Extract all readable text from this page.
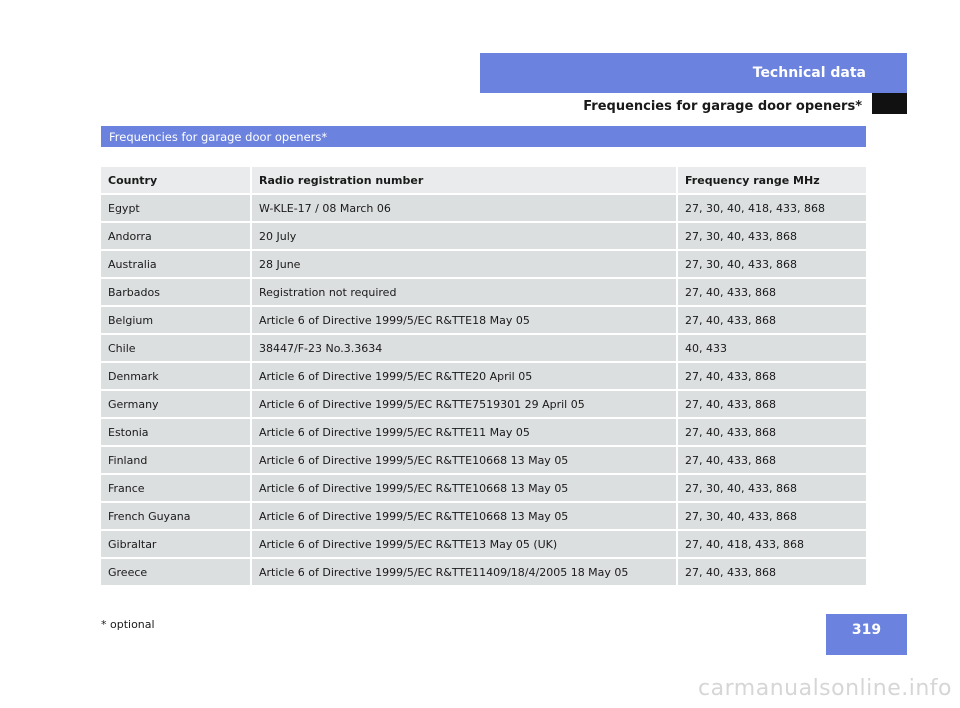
Technical data
Frequencies for garage door openers*
Frequencies for garage door openers*
Country	Radio registration number	Frequency range MHz
Egypt	W-KLE-17 / 08 March 06	27, 30, 40, 418, 433, 868
Andorra	20 July	27, 30, 40, 433, 868
Australia	28 June	27, 30, 40, 433, 868
Barbados	Registration not required	27, 40, 433, 868
Belgium	Article 6 of Directive 1999/5/EC R&TTE18 May 05	27, 40, 433, 868
Chile	38447/F-23 No.3.3634	40, 433
Denmark	Article 6 of Directive 1999/5/EC R&TTE20 April 05	27, 40, 433, 868
Germany	Article 6 of Directive 1999/5/EC R&TTE7519301 29 April 05	27, 40, 433, 868
Estonia	Article 6 of Directive 1999/5/EC R&TTE11 May 05	27, 40, 433, 868
Finland	Article 6 of Directive 1999/5/EC R&TTE10668 13 May 05	27, 40, 433, 868
France	Article 6 of Directive 1999/5/EC R&TTE10668 13 May 05	27, 30, 40, 433, 868
French Guyana	Article 6 of Directive 1999/5/EC R&TTE10668 13 May 05	27, 30, 40, 433, 868
Gibraltar	Article 6 of Directive 1999/5/EC R&TTE13 May 05 (UK)	27, 40, 418, 433, 868
Greece	Article 6 of Directive 1999/5/EC R&TTE11409/18/4/2005 18 May 05	27, 40, 433, 868
* optional	319
carmanualsonline.info
